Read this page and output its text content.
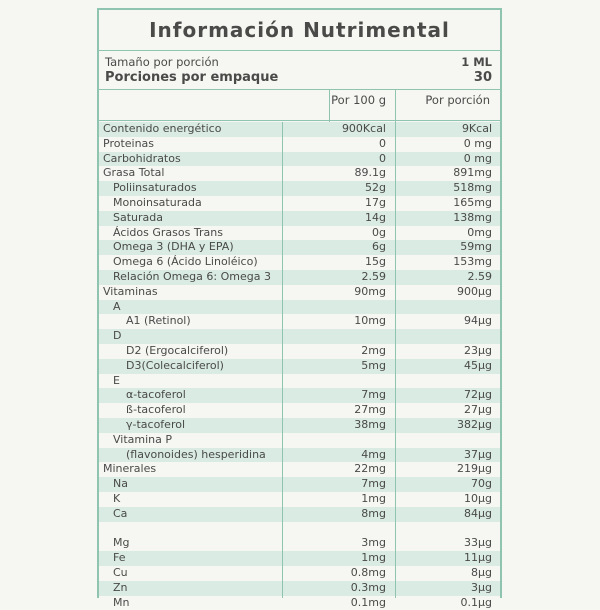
Información Nutrimental
Tamaño por porción	1 ML
Porciones por empaque	30
Por 100 g	Por porción
Contenido energético	900Kcal	9Kcal
Proteinas	0	0 mg
Carbohidratos	0	0 mg
Grasa Total	89.1g	891mg
Poliinsaturados	52g	518mg
Monoinsaturada	17g	165mg
Saturada	14g	138mg
Ácidos Grasos Trans	0g	0mg
Omega 3 (DHA y EPA)	6g	59mg
Omega 6 (Ácido Linoléico)	15g	153mg
Relación Omega 6: Omega 3	2.59	2.59
Vitaminas	90mg	900µg
A
A1 (Retinol)	10mg	94µg
D
D2 (Ergocalciferol)	2mg	23µg
D3(Colecalciferol)	5mg	45µg
E
α-tacoferol	7mg	72µg
ß-tacoferol	27mg	27µg
γ-tacoferol	38mg	382µg
Vitamina P
(flavonoides) hesperidina	4mg	37µg
Minerales	22mg	219µg
Na	7mg	70g
K	1mg	10µg
Ca	8mg	84µg
Mg	3mg	33µg
Fe	1mg	11µg
Cu	0.8mg	8µg
Zn	0.3mg	3µg
Mn	0.1mg	0.1µg
